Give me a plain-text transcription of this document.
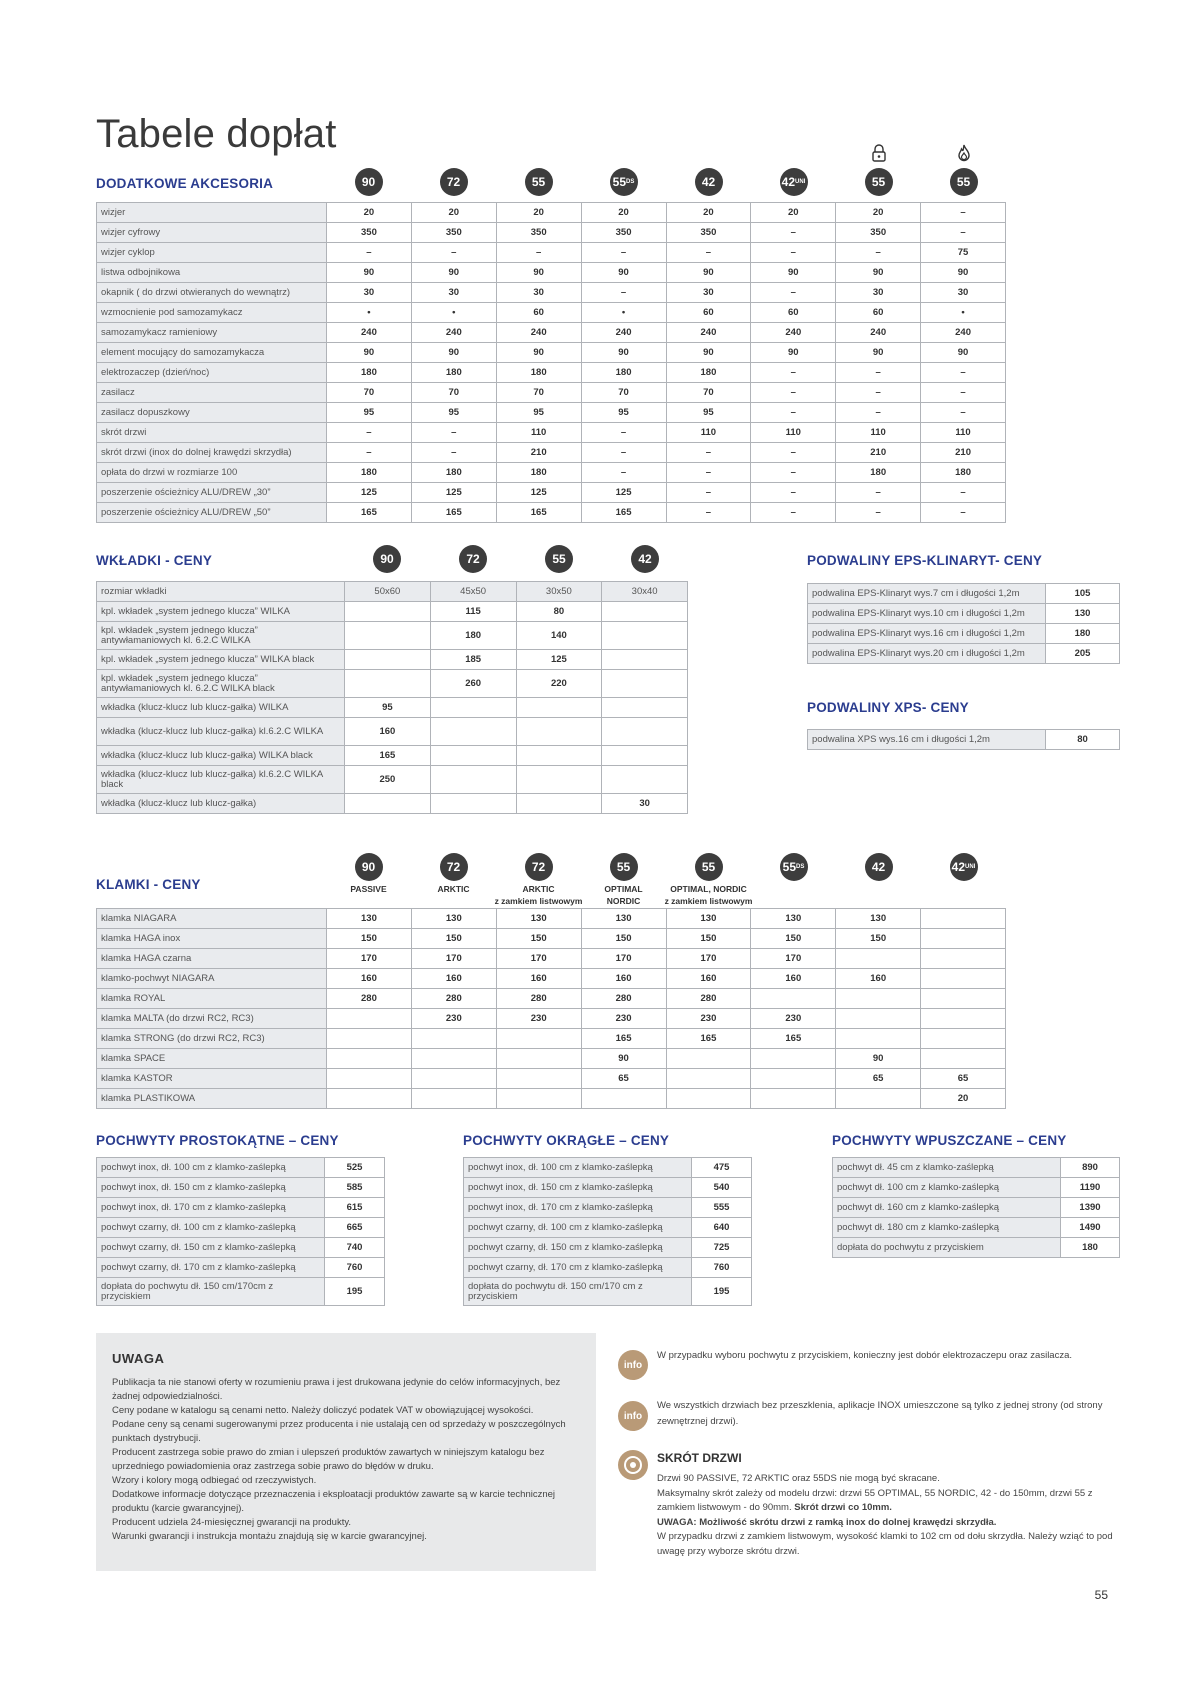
Tabele dopłat
DODATKOWE AKCESORIA	90	72	55	55 DS	42	42 UNI	55	55
wizjer	20	20	20	20	20	20	20	–
wizjer cyfrowy	350	350	350	350	350	–	350	–
wizjer cyklop	–	–	–	–	–	–	–	75
listwa odbojnikowa	90	90	90	90	90	90	90	90
okapnik ( do drzwi otwieranych do wewnątrz)	30	30	30	–	30	–	30	30
wzmocnienie pod samozamykacz	•	•	60	•	60	60	60	•
samozamykacz ramieniowy	240	240	240	240	240	240	240	240
element mocujący do samozamykacza	90	90	90	90	90	90	90	90
elektrozaczep (dzień/noc)	180	180	180	180	180	–	–	–
zasilacz	70	70	70	70	70	–	–	–
zasilacz dopuszkowy	95	95	95	95	95	–	–	–
skrót drzwi	–	–	110	–	110	110	110	110
skrót drzwi (inox do dolnej krawędzi skrzydła)	–	–	210	–	–	–	210	210
opłata do drzwi w rozmiarze 100	180	180	180	–	–	–	180	180
poszerzenie ościeżnicy ALU/DREW „30”	125	125	125	125	–	–	–	–
poszerzenie ościeżnicy ALU/DREW „50”	165	165	165	165	–	–	–	–
WKŁADKI - CENY	90	72	55	42
rozmiar wkładki	50x60	45x50	30x50	30x40
kpl. wkładek „system jednego klucza” WILKA		115	80	
kpl. wkładek „system jednego klucza” antywłamaniowych kl. 6.2.C WILKA		180	140	
kpl. wkładek „system jednego klucza” WILKA black		185	125	
kpl. wkładek „system jednego klucza” antywłamaniowych kl. 6.2.C WILKA black		260	220	
wkładka (klucz-klucz lub klucz-gałka) WILKA	95			
wkładka (klucz-klucz lub klucz-gałka) kl.6.2.C WILKA	160			
wkładka (klucz-klucz lub klucz-gałka) WILKA black	165			
wkładka (klucz-klucz lub klucz-gałka) kl.6.2.C WILKA black	250			
wkładka (klucz-klucz lub klucz-gałka)				30
PODWALINY EPS-KLINARYT- CENY
podwalina EPS-Klinaryt wys.7 cm i długości 1,2m	105
podwalina EPS-Klinaryt wys.10 cm i długości 1,2m	130
podwalina EPS-Klinaryt wys.16 cm i długości 1,2m	180
podwalina EPS-Klinaryt wys.20 cm i długości 1,2m	205
PODWALINY XPS- CENY
podwalina XPS wys.16 cm i długości 1,2m	80
KLAMKI - CENY
90
PASSIVE
72
ARKTIC
72
ARKTIC
z zamkiem listwowym
55
OPTIMAL
NORDIC
55
OPTIMAL, NORDIC
z zamkiem listwowym
55 DS	42	42 UNI
klamka NIAGARA	130	130	130	130	130	130	130	
klamka HAGA inox	150	150	150	150	150	150	150	
klamka HAGA czarna	170	170	170	170	170	170		
klamko-pochwyt NIAGARA	160	160	160	160	160	160	160	
klamka ROYAL	280	280	280	280	280			
klamka MALTA (do drzwi RC2, RC3)		230	230	230	230	230		
klamka STRONG (do drzwi RC2, RC3)				165	165	165		
klamka SPACE				90			90	
klamka KASTOR				65			65	65
klamka PLASTIKOWA								20
POCHWYTY PROSTOKĄTNE – CENY
pochwyt inox, dł. 100 cm z klamko-zaślepką	525
pochwyt inox, dł. 150 cm z klamko-zaślepką	585
pochwyt inox, dł. 170 cm z klamko-zaślepką	615
pochwyt czarny, dł. 100 cm z klamko-zaślepką	665
pochwyt czarny, dł. 150 cm z klamko-zaślepką	740
pochwyt czarny, dł. 170 cm z klamko-zaślepką	760
dopłata do pochwytu dł. 150 cm/170cm z przyciskiem	195
POCHWYTY OKRĄGŁE – CENY
pochwyt inox, dł. 100 cm z klamko-zaślepką	475
pochwyt inox, dł. 150 cm z klamko-zaślepką	540
pochwyt inox, dł. 170 cm z klamko-zaślepką	555
pochwyt czarny, dł. 100 cm z klamko-zaślepką	640
pochwyt czarny, dł. 150 cm z klamko-zaślepką	725
pochwyt czarny, dł. 170 cm z klamko-zaślepką	760
dopłata do pochwytu dł. 150 cm/170 cm z przyciskiem	195
POCHWYTY WPUSZCZANE – CENY
pochwyt dł. 45 cm z klamko-zaślepką	890
pochwyt dł. 100 cm z klamko-zaślepką	1190
pochwyt dł. 160 cm z klamko-zaślepką	1390
pochwyt dł. 180 cm z klamko-zaślepką	1490
dopłata do pochwytu z przyciskiem	180
UWAGA

Publikacja ta nie stanowi oferty w rozumieniu prawa i jest drukowana jedynie do celów informacyjnych, bez żadnej odpowiedzialności.

Ceny podane w katalogu są cenami netto. Należy doliczyć podatek VAT w obowiązującej wysokości.

Podane ceny są cenami sugerowanymi przez producenta i nie ustalają cen od sprzedaży w poszczególnych punktach dystrybucji.

Producent zastrzega sobie prawo do zmian i ulepszeń produktów zawartych w niniejszym katalogu bez uprzedniego powiadomienia oraz zastrzega sobie prawo do błędów w druku.

Wzory i kolory mogą odbiegać od rzeczywistych.

Dodatkowe informacje dotyczące przeznaczenia i eksploatacji produktów zawarte są w karcie technicznej produktu (karcie gwarancyjnej).

Producent udziela 24-miesięcznej gwarancji na produkty.

Warunki gwarancji i instrukcja montażu znajdują się w karcie gwarancyjnej.

info
W przypadku wyboru pochwytu z przyciskiem, konieczny jest dobór elektrozaczepu oraz zasilacza.
info
We wszystkich drzwiach bez przeszklenia, aplikacje INOX umieszczone są tylko z jednej strony (od strony zewnętrznej drzwi).
SKRÓT DRZWI
Drzwi 90 PASSIVE, 72 ARKTIC oraz 55DS nie mogą być skracane.
Maksymalny skrót zależy od modelu drzwi: drzwi 55 OPTIMAL, 55 NORDIC, 42 - do 150mm, drzwi 55 z zamkiem listwowym - do 90mm. Skrót drzwi co 10mm.
UWAGA: Możliwość skrótu drzwi z ramką inox do dolnej krawędzi skrzydła.
W przypadku drzwi z zamkiem listwowym, wysokość klamki to 102 cm od dołu skrzydła. Należy wziąć to pod uwagę przy wyborze skrótu drzwi.
55
